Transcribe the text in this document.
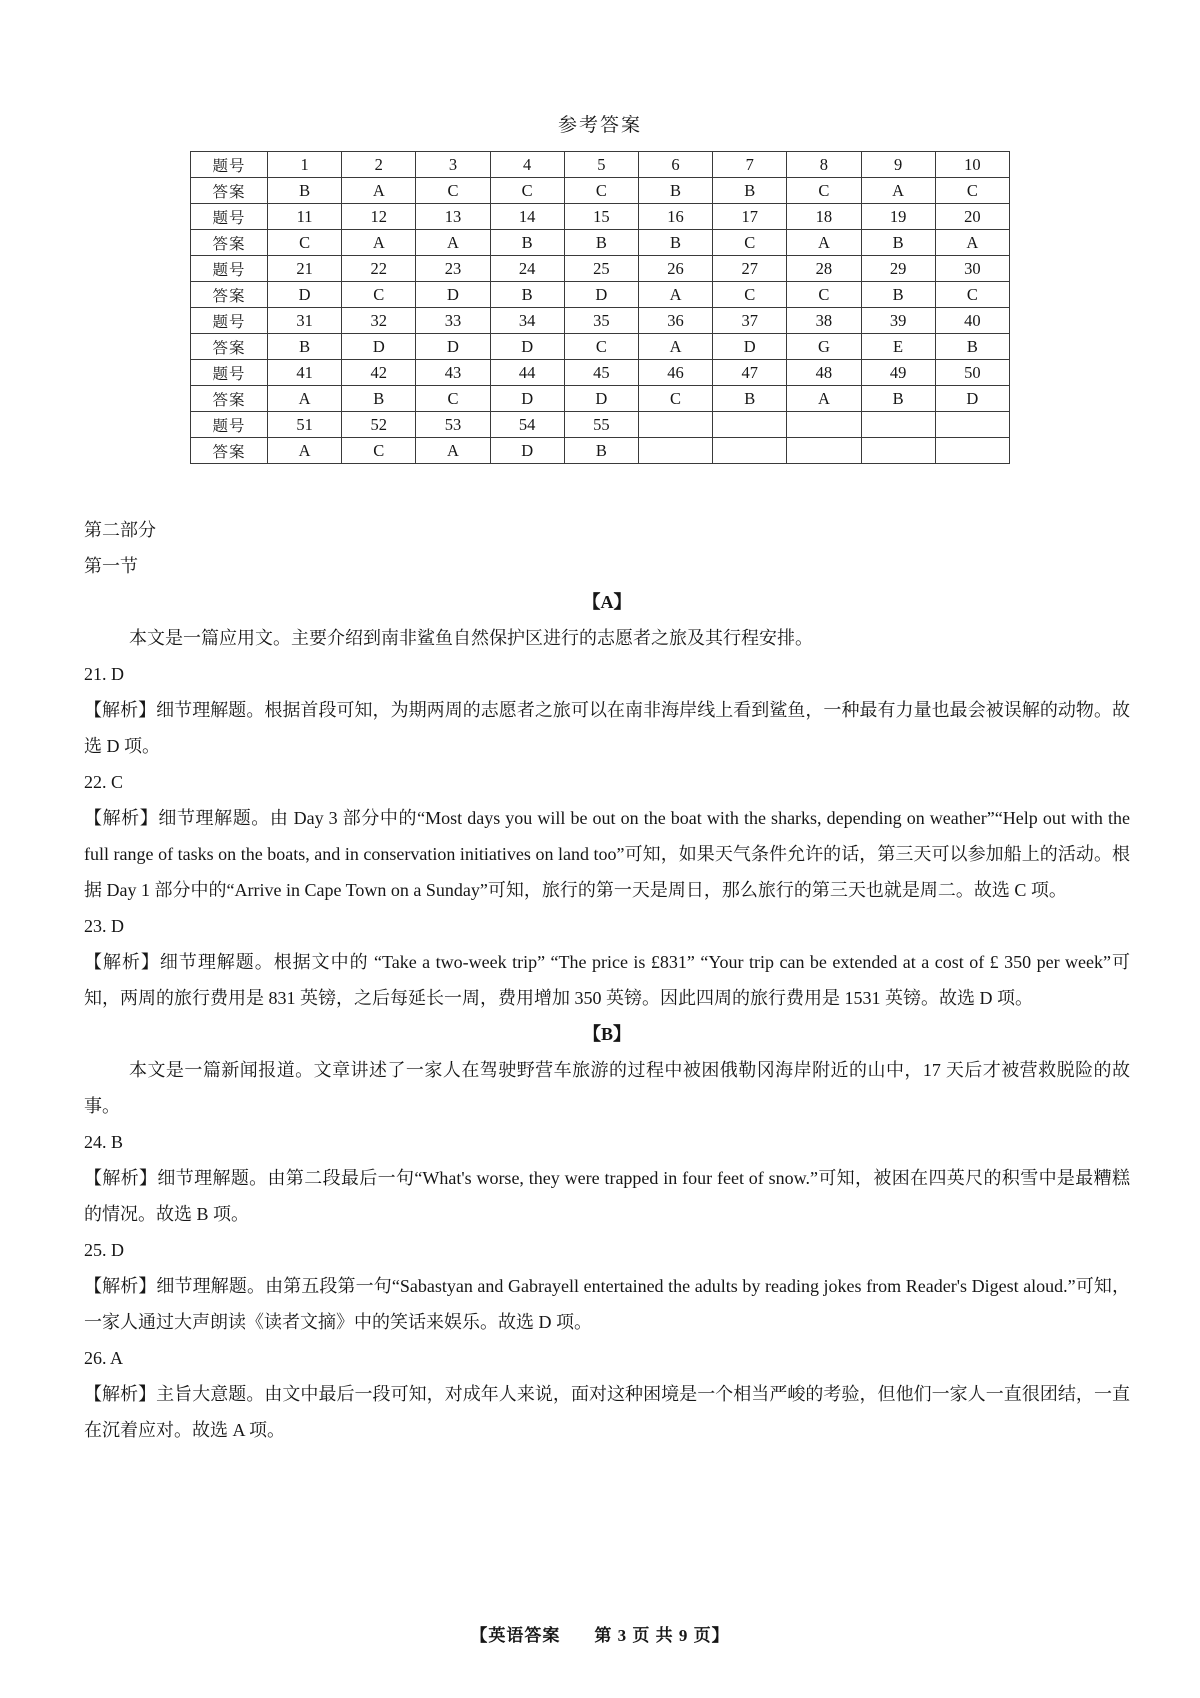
参考答案
题号	1	2	3	4	5	6	7	8	9	10
答案	B	A	C	C	C	B	B	C	A	C
题号	11	12	13	14	15	16	17	18	19	20
答案	C	A	A	B	B	B	C	A	B	A
题号	21	22	23	24	25	26	27	28	29	30
答案	D	C	D	B	D	A	C	C	B	C
题号	31	32	33	34	35	36	37	38	39	40
答案	B	D	D	D	C	A	D	G	E	B
题号	41	42	43	44	45	46	47	48	49	50
答案	A	B	C	D	D	C	B	A	B	D
题号	51	52	53	54	55					
答案	A	C	A	D	B					

第二部分

第一节

【A】

本文是一篇应用文。主要介绍到南非鲨鱼自然保护区进行的志愿者之旅及其行程安排。

21. D

【解析】细节理解题。根据首段可知，为期两周的志愿者之旅可以在南非海岸线上看到鲨鱼，一种最有力量也最会被误解的动物。故选 D 项。

22. C

【解析】细节理解题。由 Day 3 部分中的“Most days you will be out on the boat with the sharks, depending on weather”“Help out with the full range of tasks on the boats, and in conservation initiatives on land too”可知，如果天气条件允许的话，第三天可以参加船上的活动。根据 Day 1 部分中的“Arrive in Cape Town on a Sunday”可知，旅行的第一天是周日，那么旅行的第三天也就是周二。故选 C 项。

23. D

【解析】细节理解题。根据文中的 “Take a two-week trip” “The price is £831” “Your trip can be extended at a cost of £ 350 per week”可知，两周的旅行费用是 831 英镑，之后每延长一周，费用增加 350 英镑。因此四周的旅行费用是 1531 英镑。故选 D 项。

【B】

本文是一篇新闻报道。文章讲述了一家人在驾驶野营车旅游的过程中被困俄勒冈海岸附近的山中，17 天后才被营救脱险的故事。

24. B

【解析】细节理解题。由第二段最后一句“What's worse, they were trapped in four feet of snow.”可知，被困在四英尺的积雪中是最糟糕的情况。故选 B 项。

25. D

【解析】细节理解题。由第五段第一句“Sabastyan and Gabrayell entertained the adults by reading jokes from Reader's Digest aloud.”可知，一家人通过大声朗读《读者文摘》中的笑话来娱乐。故选 D 项。

26. A

【解析】主旨大意题。由文中最后一段可知，对成年人来说，面对这种困境是一个相当严峻的考验，但他们一家人一直很团结，一直在沉着应对。故选 A 项。

【英语答案 第 3 页 共 9 页】
